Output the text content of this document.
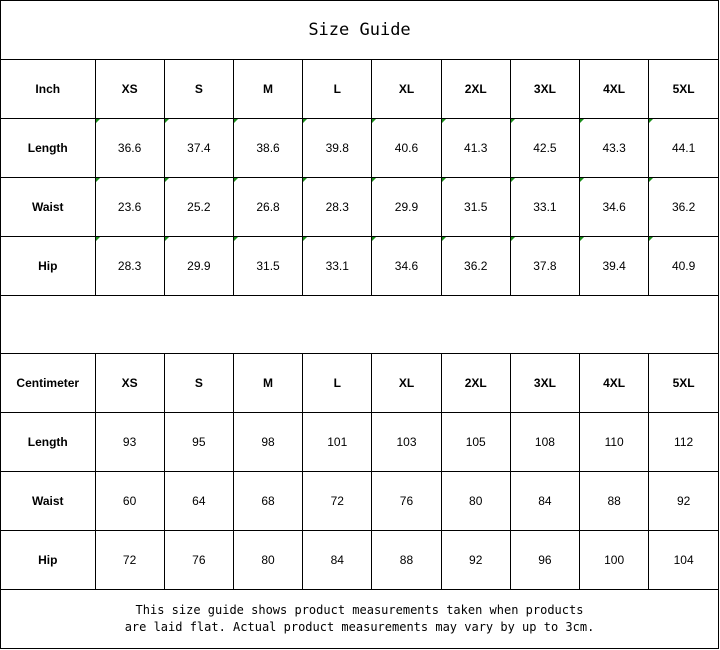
Size Guide
Inch	XS	S	M	L	XL	2XL	3XL	4XL	5XL
Length	36.6	37.4	38.6	39.8	40.6	41.3	42.5	43.3	44.1

Waist	23.6	25.2	26.8	28.3	29.9	31.5	33.1	34.6	36.2

Hip	28.3	29.9	31.5	33.1	34.6	36.2	37.8	39.4	40.9
Centimeter	XS	S	M	L	XL	2XL	3XL	4XL	5XL
Length	93	95	98	101	103	105	108	110	112
Waist	60	64	68	72	76	80	84	88	92
Hip	72	76	80	84	88	92	96	100	104
This size guide shows product measurements taken when products
are laid flat. Actual product measurements may vary by up to 3cm.
